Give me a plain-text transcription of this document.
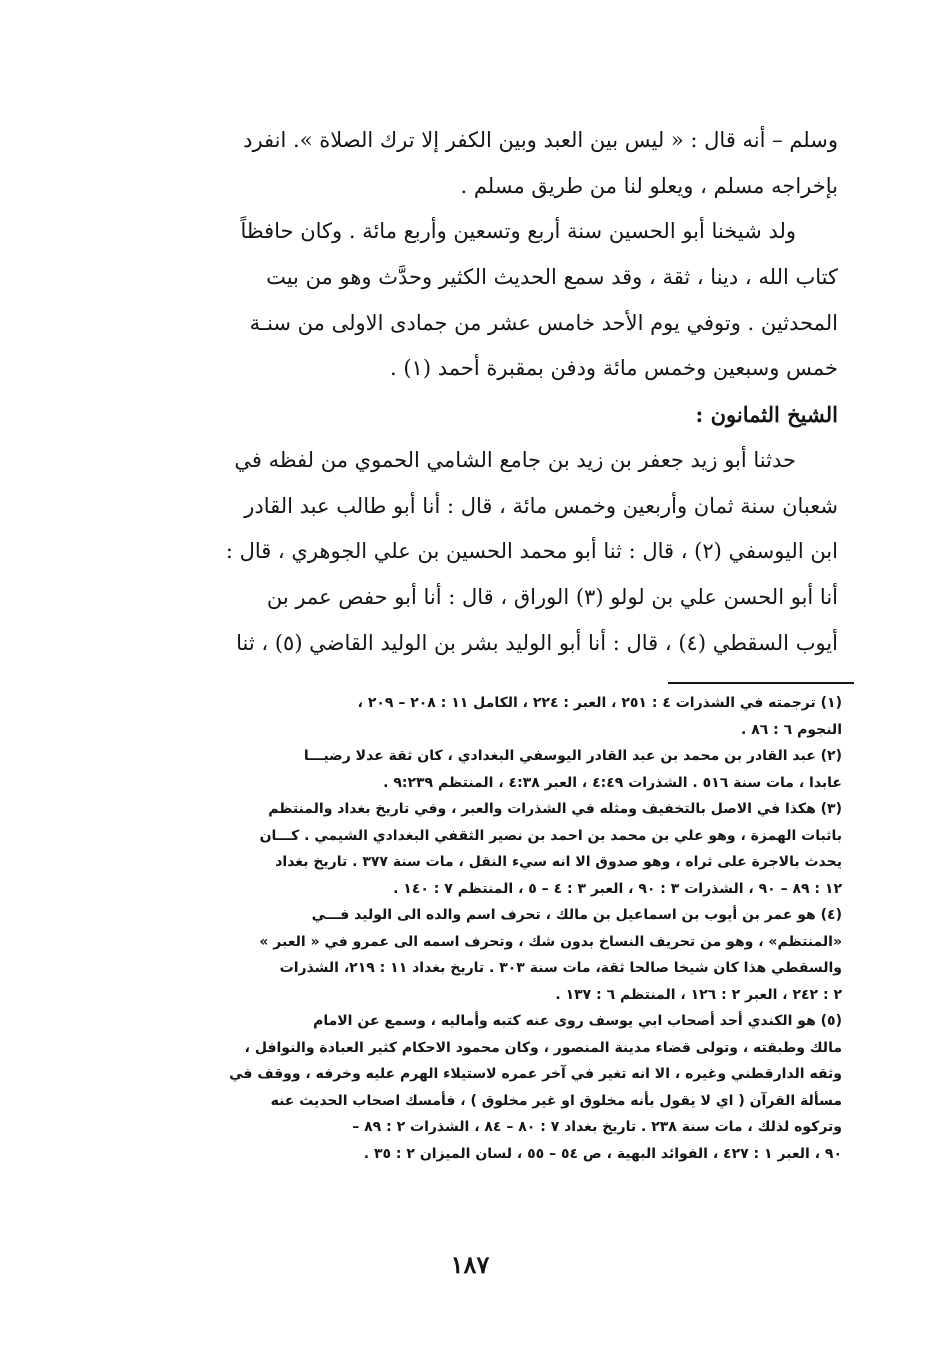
وسلم – أنه قال : « ليس بين العبد وبين الكفر إلا ترك الصلاة ». انفرد
بإخراجه مسلم ، ويعلو لنا من طريق مسلم .
ولد شيخنا أبو الحسين سنة أربع وتسعين وأربع مائة . وكان حافظاً
كتاب الله ، دينا ، ثقة ، وقد سمع الحديث الكثير وحدَّث وهو من بيت
المحدثين . وتوفي يوم الأحد خامس عشر من جمادى الاولى من سنـة
خمس وسبعين وخمس مائة ودفن بمقبرة أحمد (١) .
الشيخ الثمانون :
حدثنا أبو زيد جعفر بن زيد بن جامع الشامي الحموي من لفظه في
شعبان سنة ثمان وأربعين وخمس مائة ، قال : أنا أبو طالب عبد القادر
ابن اليوسفي (٢) ، قال : ثنا أبو محمد الحسين بن علي الجوهري ، قال :
أنا أبو الحسن علي بن لولو (٣) الوراق ، قال : أنا أبو حفص عمر بن
أيوب السقطي (٤) ، قال : أنا أبو الوليد بشر بن الوليد القاضي (٥) ، ثنا
(١) ترجمته في الشذرات ٤ : ٢٥١ ، العبر : ٢٢٤ ، الكامل ١١ : ٢٠٨ – ٢٠٩ ،
النجوم ٦ : ٨٦ .
(٢) عبد القادر بن محمد بن عبد القادر اليوسفي البغدادي ، كان ثقة عدلا رضيـــا
عابدا ، مات سنة ٥١٦ . الشذرات ٤:٤٩ ، العبر ٤:٣٨ ، المنتظم ٩:٢٣٩ .
(٣) هكذا في الاصل بالتخفيف ومثله في الشذرات والعبر ، وفي تاريخ بغداد والمنتظم
باثبات الهمزة ، وهو علي بن محمد بن احمد بن نصير الثقفي البغدادي الشيمي . كـــان
يحدث بالاجرة على ثراه ، وهو صدوق الا انه سيء النقل ، مات سنة ٣٧٧ . تاريخ بغداد
١٢ : ٨٩ – ٩٠ ، الشذرات ٣ : ٩٠ ، العبر ٣ : ٤ – ٥ ، المنتظم ٧ : ١٤٠ .
(٤) هو عمر بن أيوب بن اسماعيل بن مالك ، تحرف اسم والده الى الوليد فـــي
«المنتظم» ، وهو من تحريف النساخ بدون شك ، وتحرف اسمه الى عمرو في « العبر »
والسقطي هذا كان شيخا صالحا ثقة، مات سنة ٣٠٣ . تاريخ بغداد ١١ : ٢١٩، الشذرات
٢ : ٢٤٢ ، العبر ٢ : ١٢٦ ، المنتظم ٦ : ١٣٧ .
(٥) هو الكندي أحد أصحاب ابي يوسف روى عنه كتبه وأماليه ، وسمع عن الامام
مالك وطبقته ، وتولى قضاء مدينة المنصور ، وكان محمود الاحكام كثير العبادة والنوافل ،
وثقه الدارقطني وغيره ، الا انه تغير في آخر عمره لاستيلاء الهرم عليه وخرفه ، ووقف في
مسألة القرآن ( اي لا يقول بأنه مخلوق او غير مخلوق ) ، فأمسك اصحاب الحديث عنه
وتركوه لذلك ، مات سنة ٢٣٨ . تاريخ بغداد ٧ : ٨٠ – ٨٤ ، الشذرات ٢ : ٨٩ –
٩٠ ، العبر ١ : ٤٢٧ ، الفوائد البهية ، ص ٥٤ – ٥٥ ، لسان الميزان ٢ : ٣٥ .
١٨٧
